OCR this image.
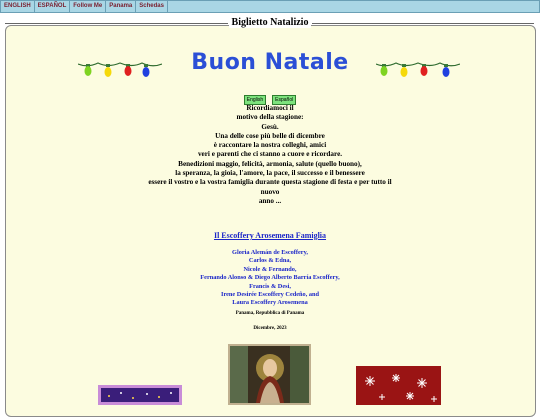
ENGLISH	ESPAÑOL	Follow Me	Panama	Schedas
Biglietto Natalizio
Buon Natale
English Español
Ricordiamoci il
motivo della stagione:
Gesù.
Una delle cose più belle di dicembre
è raccontare la nostra colleghi, amici
veri e parenti che ci stanno a cuore e ricordare.
Benedizioni maggio, felicità, armonia, salute (quello buono),
la speranza, la gioia, l'amore, la pace, il successo e il benessere
essere il vostro e la vostra famiglia durante questa stagione di festa e per tutto il
nuovo
anno ...
Il Escoffery Arosemena Famiglia
Gloria Alemán de Escoffery,
Carlos & Edna,
Nicole & Fernando,
Fernando Alonso & Diego Alberto Barría Escoffery,
Francis & Desi,
Irene Desirée Escoffery Cedeño, and
Laura Escoffery Arosemena
Panama, Repubblica di Panama
Dicembre, 2023
